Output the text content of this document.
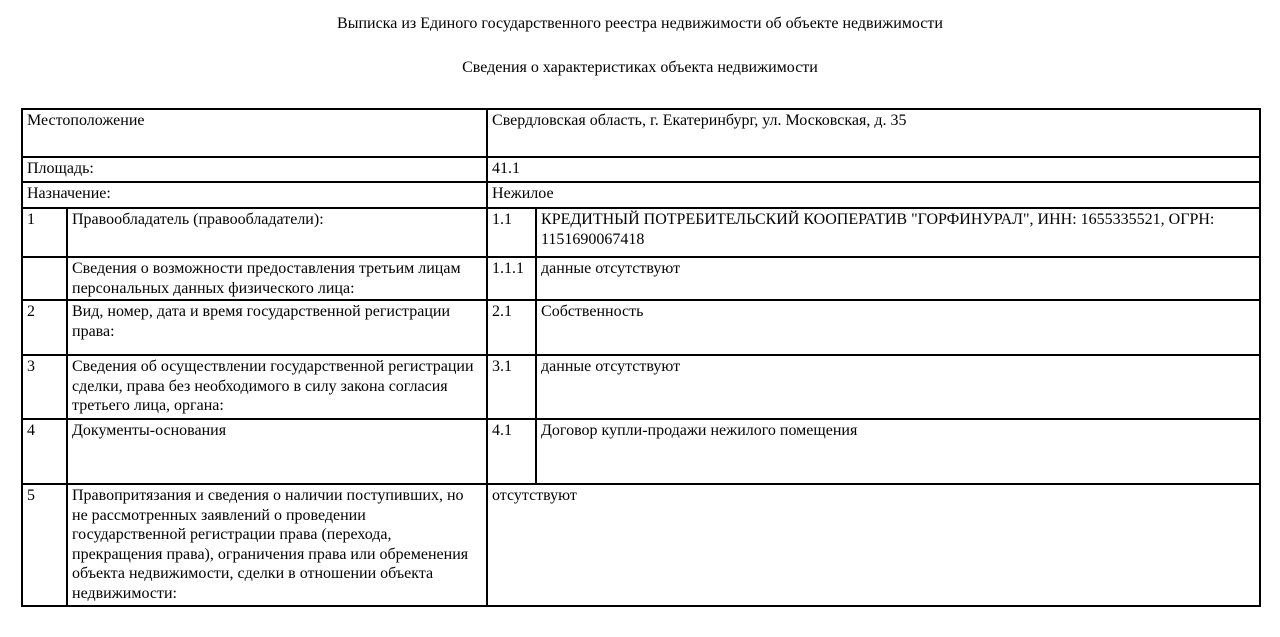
Выписка из Единого государственного реестра недвижимости об объекте недвижимости
Сведения о характеристиках объекта недвижимости
Местоположение		Свердловская область, г. Екатеринбург, ул. Московская, д. 35	
Площадь:		41.1	
Назначение:		Нежилое	
1	Правообладатель (правообладатели):	1.1	КРЕДИТНЫЙ ПОТРЕБИТЕЛЬСКИЙ КООПЕРАТИВ "ГОРФИНУРАЛ", ИНН: 1655335521, ОГРН: 1151690067418
	Сведения о возможности предоставления третьим лицам персональных данных физического лица:	1.1.1	данные отсутствуют
2	Вид, номер, дата и время государственной регистрации права:	2.1	Собственность
3	Сведения об осуществлении государственной регистрации сделки, права без необходимого в силу закона согласия третьего лица, органа:	3.1	данные отсутствуют
4	Документы-основания	4.1	Договор купли-продажи нежилого помещения
5	Правопритязания и сведения о наличии поступивших, но не рассмотренных заявлений о проведении государственной регистрации права (перехода, прекращения права), ограничения права или обременения объекта недвижимости, сделки в отношении объекта недвижимости:	отсутствуют	
